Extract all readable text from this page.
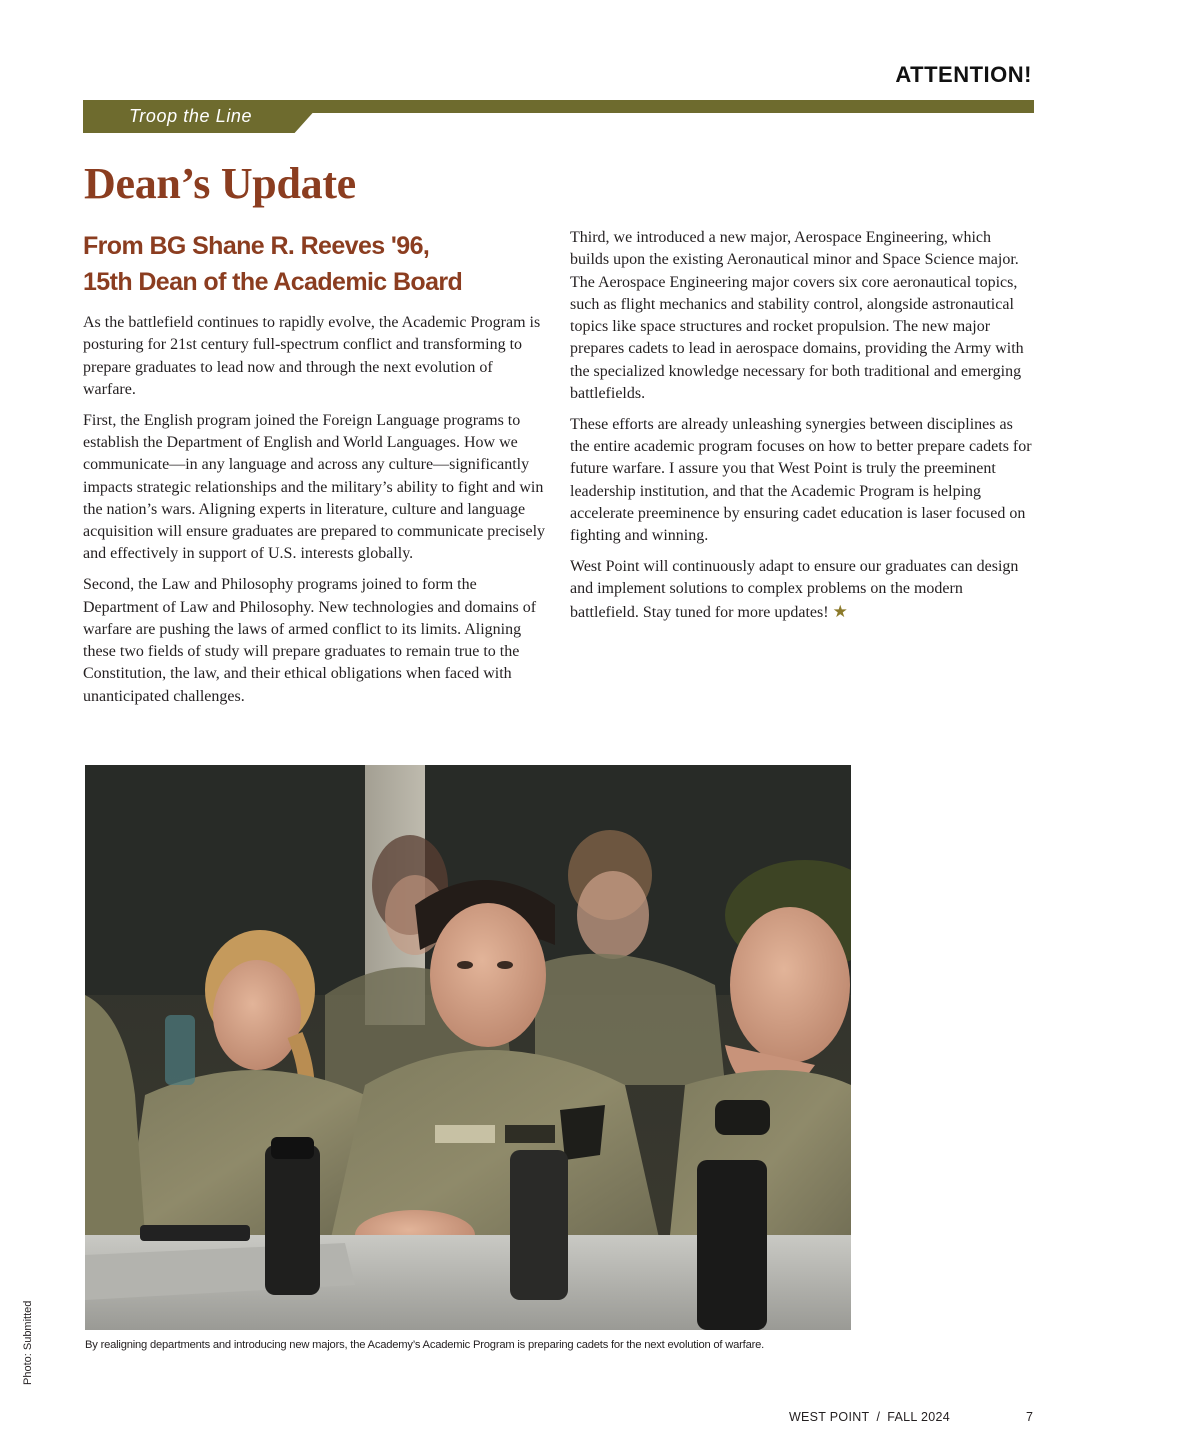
ATTENTION!
Troop the Line
Dean’s Update
From BG Shane R. Reeves '96,
15th Dean of the Academic Board

As the battlefield continues to rapidly evolve, the Academic Program is posturing for 21st century full-spectrum conflict and transforming to prepare graduates to lead now and through the next evolution of warfare.

First, the English program joined the Foreign Language programs to establish the Department of English and World Languages. How we communicate—in any language and across any culture—significantly impacts strategic relationships and the military’s ability to fight and win the nation’s wars. Aligning experts in literature, culture and language acquisition will ensure graduates are prepared to communicate precisely and effectively in support of U.S. interests globally.

Second, the Law and Philosophy programs joined to form the Department of Law and Philosophy. New technologies and domains of warfare are pushing the laws of armed conflict to its limits. Aligning these two fields of study will prepare graduates to remain true to the Constitution, the law, and their ethical obligations when faced with unanticipated challenges.

Third, we introduced a new major, Aerospace Engineering, which builds upon the existing Aeronautical minor and Space Science major. The Aerospace Engineering major covers six core aeronautical topics, such as flight mechanics and stability control, alongside astronautical topics like space structures and rocket propulsion. The new major prepares cadets to lead in aerospace domains, providing the Army with the specialized knowledge necessary for both traditional and emerging battlefields.

These efforts are already unleashing synergies between disciplines as the entire academic program focuses on how to better prepare cadets for future warfare. I assure you that West Point is truly the preeminent leadership institution, and that the Academic Program is helping accelerate preeminence by ensuring cadet education is laser focused on fighting and winning.

West Point will continuously adapt to ensure our graduates can design and implement solutions to complex problems on the modern battlefield. Stay tuned for more updates! ★

By realigning departments and introducing new majors, the Academy’s Academic Program is preparing cadets for the next evolution of warfare.
Photo: Submitted
WEST POINT / FALL 2024	7
